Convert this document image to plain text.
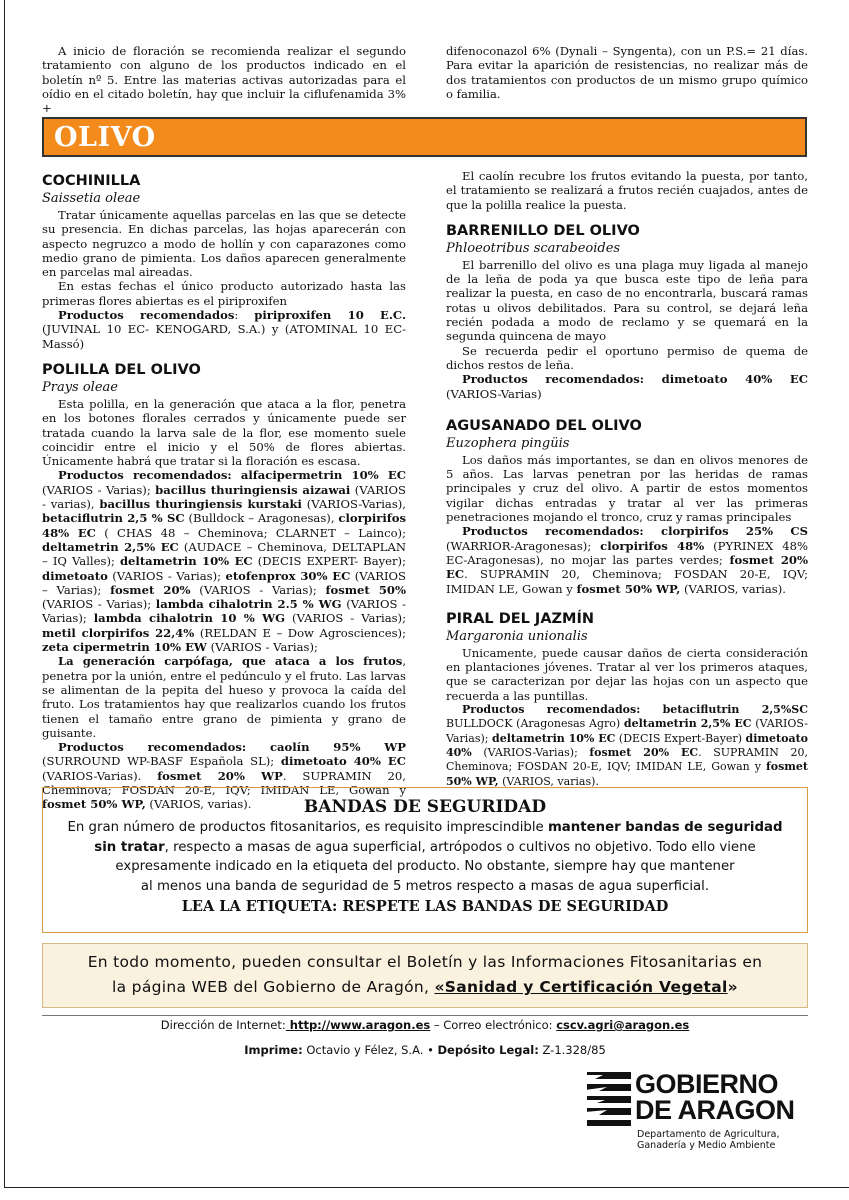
A inicio de floración se recomienda realizar el segundo tratamiento con alguno de los productos indicado en el boletín nº 5. Entre las materias activas autorizadas para el oídio en el citado boletín, hay que incluir la ciflufenamida 3% +

difenoconazol 6% (Dynali – Syngenta), con un P.S.= 21 días. Para evitar la aparición de resistencias, no realizar más de dos tratamientos con productos de un mismo grupo químico o familia.

OLIVO
COCHINILLA

Saissetia oleae

Tratar únicamente aquellas parcelas en las que se detecte su presencia. En dichas parcelas, las hojas aparecerán con aspecto negruzco a modo de hollín y con caparazones como medio grano de pimienta. Los daños aparecen generalmente en parcelas mal aireadas.

En estas fechas el único producto autorizado hasta las primeras flores abiertas es el piriproxifen

Productos recomendados: piriproxifen 10 E.C. (JUVINAL 10 EC- KENOGARD, S.A.) y (ATOMINAL 10 EC-Massó)

POLILLA DEL OLIVO

Prays oleae

Esta polilla, en la generación que ataca a la flor, penetra en los botones florales cerrados y únicamente puede ser tratada cuando la larva sale de la flor, ese momento suele coincidir entre el inicio y el 50% de flores abiertas. Únicamente habrá que tratar si la floración es escasa.

Productos recomendados: alfacipermetrin 10% EC (VARIOS - Varias); bacillus thuringiensis aizawai (VARIOS - varias), bacillus thuringiensis kurstaki (VARIOS-Varias), betaciflutrin 2,5 % SC (Bulldock – Aragonesas), clorpirifos 48% EC ( CHAS 48 – Cheminova; CLARNET – Lainco); deltametrin 2,5% EC (AUDACE – Cheminova, DELTAPLAN – IQ Valles); deltametrin 10% EC (DECIS EXPERT- Bayer); dimetoato (VARIOS - Varias); etofenprox 30% EC (VARIOS – Varias); fosmet 20% (VARIOS - Varias); fosmet 50% (VARIOS - Varias); lambda cihalotrin 2.5 % WG (VARIOS - Varias); lambda cihalotrin 10 % WG (VARIOS - Varias); metil clorpirifos 22,4% (RELDAN E – Dow Agrosciences); zeta cipermetrin 10% EW (VARIOS - Varias);

La generación carpófaga, que ataca a los frutos, penetra por la unión, entre el pedúnculo y el fruto. Las larvas se alimentan de la pepita del hueso y provoca la caída del fruto. Los tratamientos hay que realizarlos cuando los frutos tienen el tamaño entre grano de pimienta y grano de guisante.

Productos recomendados: caolín 95% WP (SURROUND WP-BASF Española SL); dimetoato 40% EC (VARIOS-Varias). fosmet 20% WP. SUPRAMIN 20, Cheminova; FOSDAN 20-E, IQV; IMIDAN LE, Gowan y fosmet 50% WP, (VARIOS, varias).

El caolín recubre los frutos evitando la puesta, por tanto, el tratamiento se realizará a frutos recién cuajados, antes de que la polilla realice la puesta.

BARRENILLO DEL OLIVO

Phloeotribus scarabeoides

El barrenillo del olivo es una plaga muy ligada al manejo de la leña de poda ya que busca este tipo de leña para realizar la puesta, en caso de no encontrarla, buscará ramas rotas u olivos debilitados. Para su control, se dejará leña recién podada a modo de reclamo y se quemará en la segunda quincena de mayo

Se recuerda pedir el oportuno permiso de quema de dichos restos de leña.

Productos recomendados: dimetoato 40% EC (VARIOS-Varias)

AGUSANADO DEL OLIVO

Euzophera pingüis

Los daños más importantes, se dan en olivos menores de 5 años. Las larvas penetran por las heridas de ramas principales y cruz del olivo. A partir de estos momentos vigilar dichas entradas y tratar al ver las primeras penetraciones mojando el tronco, cruz y ramas principales

Productos recomendados: clorpirifos 25% CS (WARRIOR-Aragonesas); clorpirifos 48% (PYRINEX 48% EC-Aragonesas), no mojar las partes verdes; fosmet 20% EC. SUPRAMIN 20, Cheminova; FOSDAN 20-E, IQV; IMIDAN LE, Gowan y fosmet 50% WP, (VARIOS, varias).

PIRAL DEL JAZMÍN

Margaronia unionalis

Unicamente, puede causar daños de cierta consideración en plantaciones jóvenes. Tratar al ver los primeros ataques, que se caracterizan por dejar las hojas con un aspecto que recuerda a las puntillas.

Productos recomendados: betaciflutrin 2,5%SC BULLDOCK (Aragonesas Agro) deltametrin 2,5% EC (VARIOS-Varias); deltametrin 10% EC (DECIS Expert-Bayer) dimetoato 40% (VARIOS-Varias); fosmet 20% EC. SUPRAMIN 20, Cheminova; FOSDAN 20-E, IQV; IMIDAN LE, Gowan y fosmet 50% WP, (VARIOS, varias).

BANDAS DE SEGURIDAD
En gran número de productos fitosanitarios, es requisito imprescindible mantener bandas de seguridad
sin tratar, respecto a masas de agua superficial, artrópodos o cultivos no objetivo. Todo ello viene
expresamente indicado en la etiqueta del producto. No obstante, siempre hay que mantener
al menos una banda de seguridad de 5 metros respecto a masas de agua superficial.
LEA LA ETIQUETA: RESPETE LAS BANDAS DE SEGURIDAD
En todo momento, pueden consultar el Boletín y las Informaciones Fitosanitarias en
la página WEB del Gobierno de Aragón, «Sanidad y Certificación Vegetal»
Dirección de Internet: http://www.aragon.es – Correo electrónico: cscv.agri@aragon.es
Imprime: Octavio y Félez, S.A. • Depósito Legal: Z-1.328/85
GOBIERNO
DE ARAGON
Departamento de Agricultura,
Ganadería y Medio Ambiente
